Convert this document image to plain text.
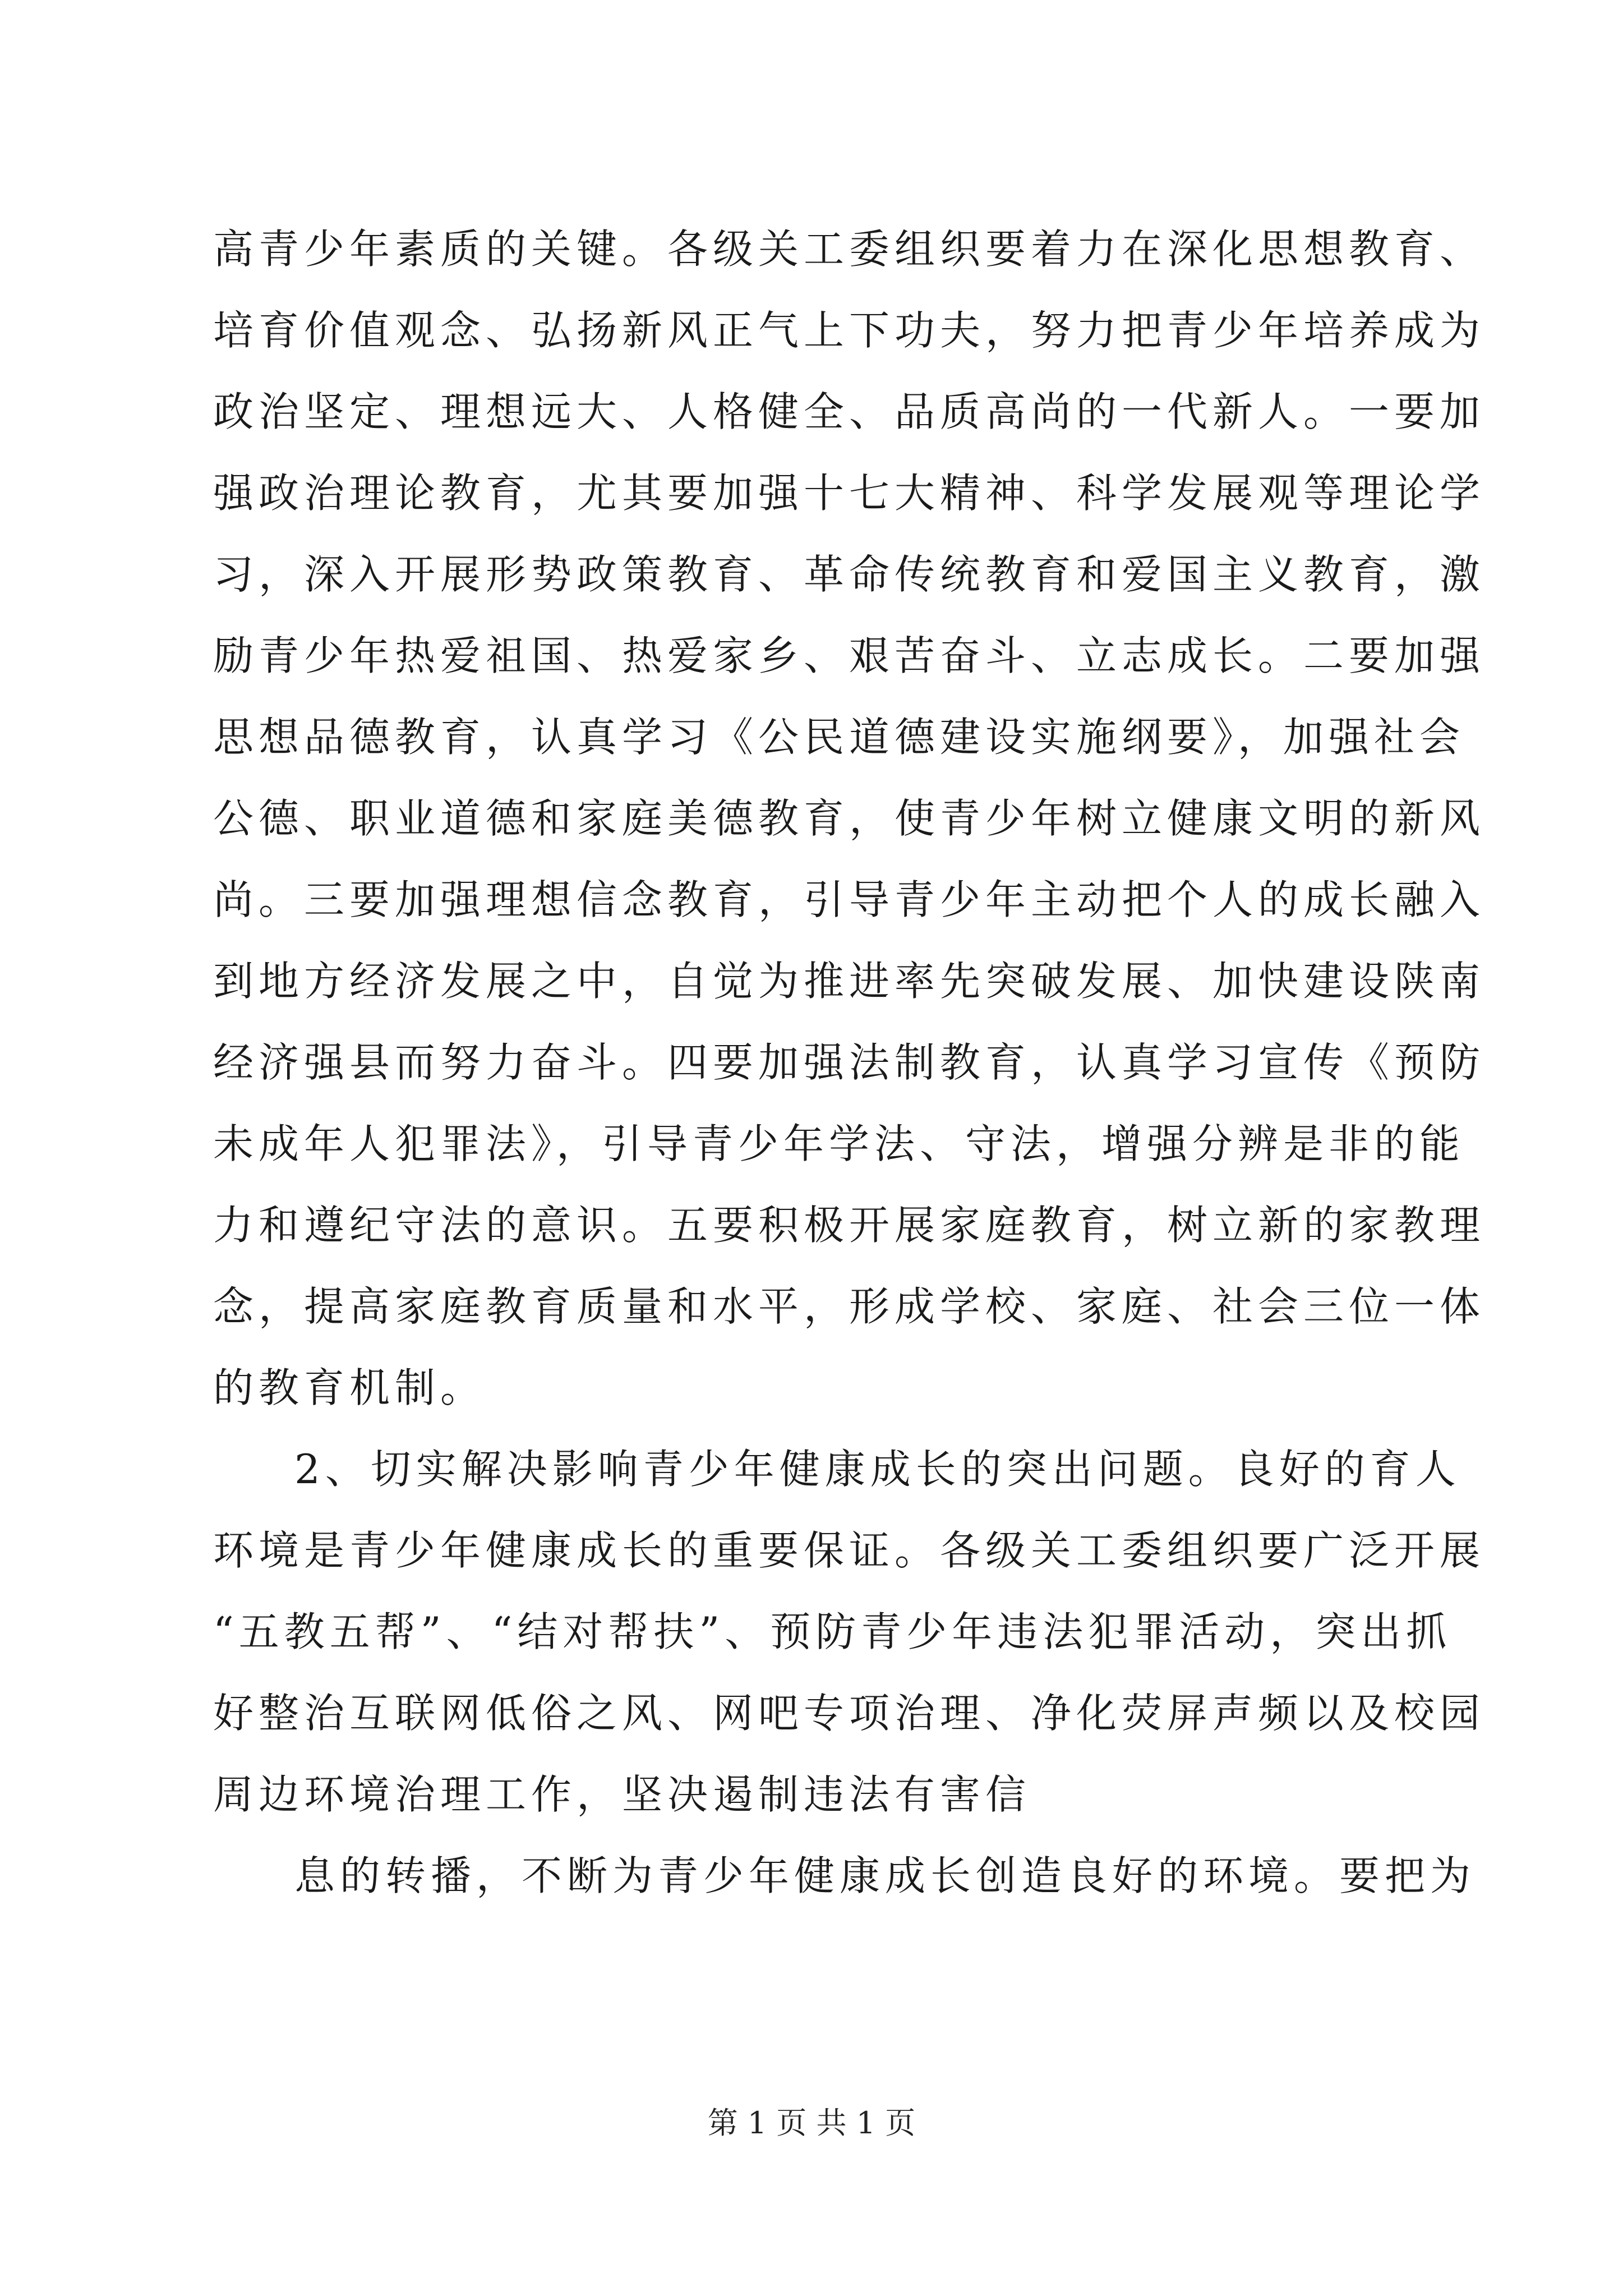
高青少年素质的关键。各级关工委组织要着力在深化思想教育、
培育价值观念、弘扬新风正气上下功夫，努力把青少年培养成为
政治坚定、理想远大、人格健全、品质高尚的一代新人。一要加
强政治理论教育，尤其要加强十七大精神、科学发展观等理论学
习，深入开展形势政策教育、革命传统教育和爱国主义教育，激
励青少年热爱祖国、热爱家乡、艰苦奋斗、立志成长。二要加强
思想品德教育，认真学习《公民道德建设实施纲要》，加强社会
公德、职业道德和家庭美德教育，使青少年树立健康文明的新风
尚。三要加强理想信念教育，引导青少年主动把个人的成长融入
到地方经济发展之中，自觉为推进率先突破发展、加快建设陕南
经济强县而努力奋斗。四要加强法制教育，认真学习宣传《预防
未成年人犯罪法》，引导青少年学法、守法，增强分辨是非的能
力和遵纪守法的意识。五要积极开展家庭教育，树立新的家教理
念，提高家庭教育质量和水平，形成学校、家庭、社会三位一体
的教育机制。
2、切实解决影响青少年健康成长的突出问题。良好的育人
环境是青少年健康成长的重要保证。各级关工委组织要广泛开展
“五教五帮”、“结对帮扶”、预防青少年违法犯罪活动，突出抓
好整治互联网低俗之风、网吧专项治理、净化荧屏声频以及校园
周边环境治理工作，坚决遏制违法有害信
息的转播，不断为青少年健康成长创造良好的环境。要把为
第 1 页 共 1 页
